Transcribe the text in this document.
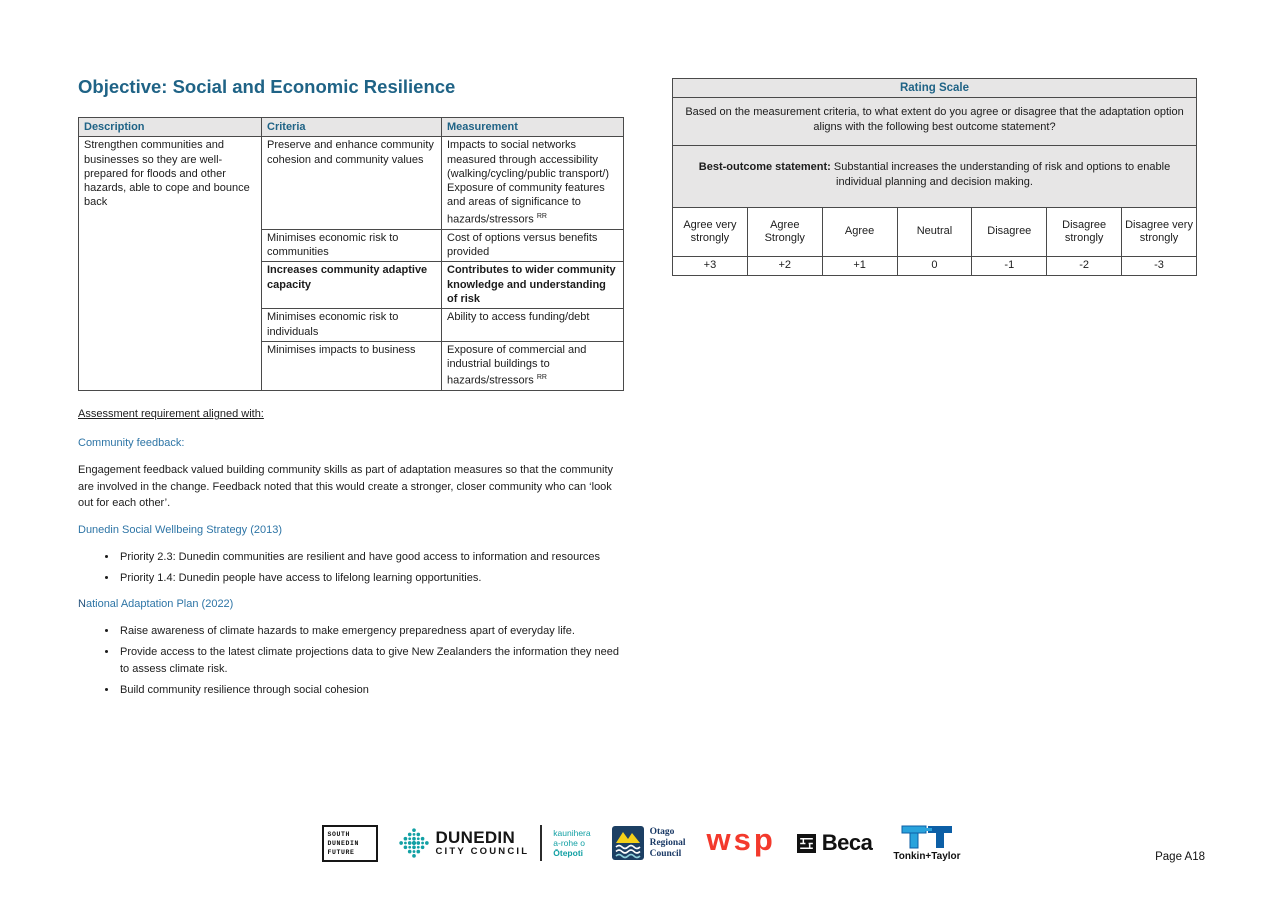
Objective: Social and Economic Resilience
Description	Criteria	Measurement
Strengthen communities and businesses so they are well-prepared for floods and other hazards, able to cope and bounce back	Preserve and enhance community cohesion and community values	Impacts to social networks measured through accessibility (walking/cycling/public transport/)
Exposure of community features and areas of significance to hazards/stressors $^{RR}$

	Minimises economic risk to communities	Cost of options versus benefits provided

	Increases community adaptive capacity	Contributes to wider community knowledge and understanding of risk

	Minimises economic risk to individuals	Ability to access funding/debt

	Minimises impacts to business	Exposure of commercial and industrial buildings to hazards/stressors $^{RR}$
Rating Scale						
Based on the measurement criteria, to what extent do you agree or disagree that the adaptation option aligns with the following best outcome statement?						
Best-outcome statement: Substantial increases the understanding of risk and options to enable individual planning and decision making.						
Agree very strongly	Agree Strongly	Agree	Neutral	Disagree	Disagree strongly	Disagree very strongly
+3	+2	+1	0	-1	-2	-3
Assessment requirement aligned with:
Community feedback:

Engagement feedback valued building community skills as part of adaptation measures so that the community are involved in the change. Feedback noted that this would create a stronger, closer community who can ‘look out for each other’.

Dunedin Social Wellbeing Strategy (2013)
• Priority 2.3: Dunedin communities are resilient and have good access to information and resources
• Priority 1.4: Dunedin people have access to lifelong learning opportunities.
National Adaptation Plan (2022)
• Raise awareness of climate hazards to make emergency preparedness apart of everyday life.
• Provide access to the latest climate projections data to give New Zealanders the information they need to assess climate risk.
• Build community resilience through social cohesion
SOUTH
DUNEDIN
FUTURE
DUNEDIN
CITY COUNCIL
kaunihera
a-rohe o
Ōtepoti
Otago
Regional
Council wsp Beca
Tonkin+Taylor	Page A18
